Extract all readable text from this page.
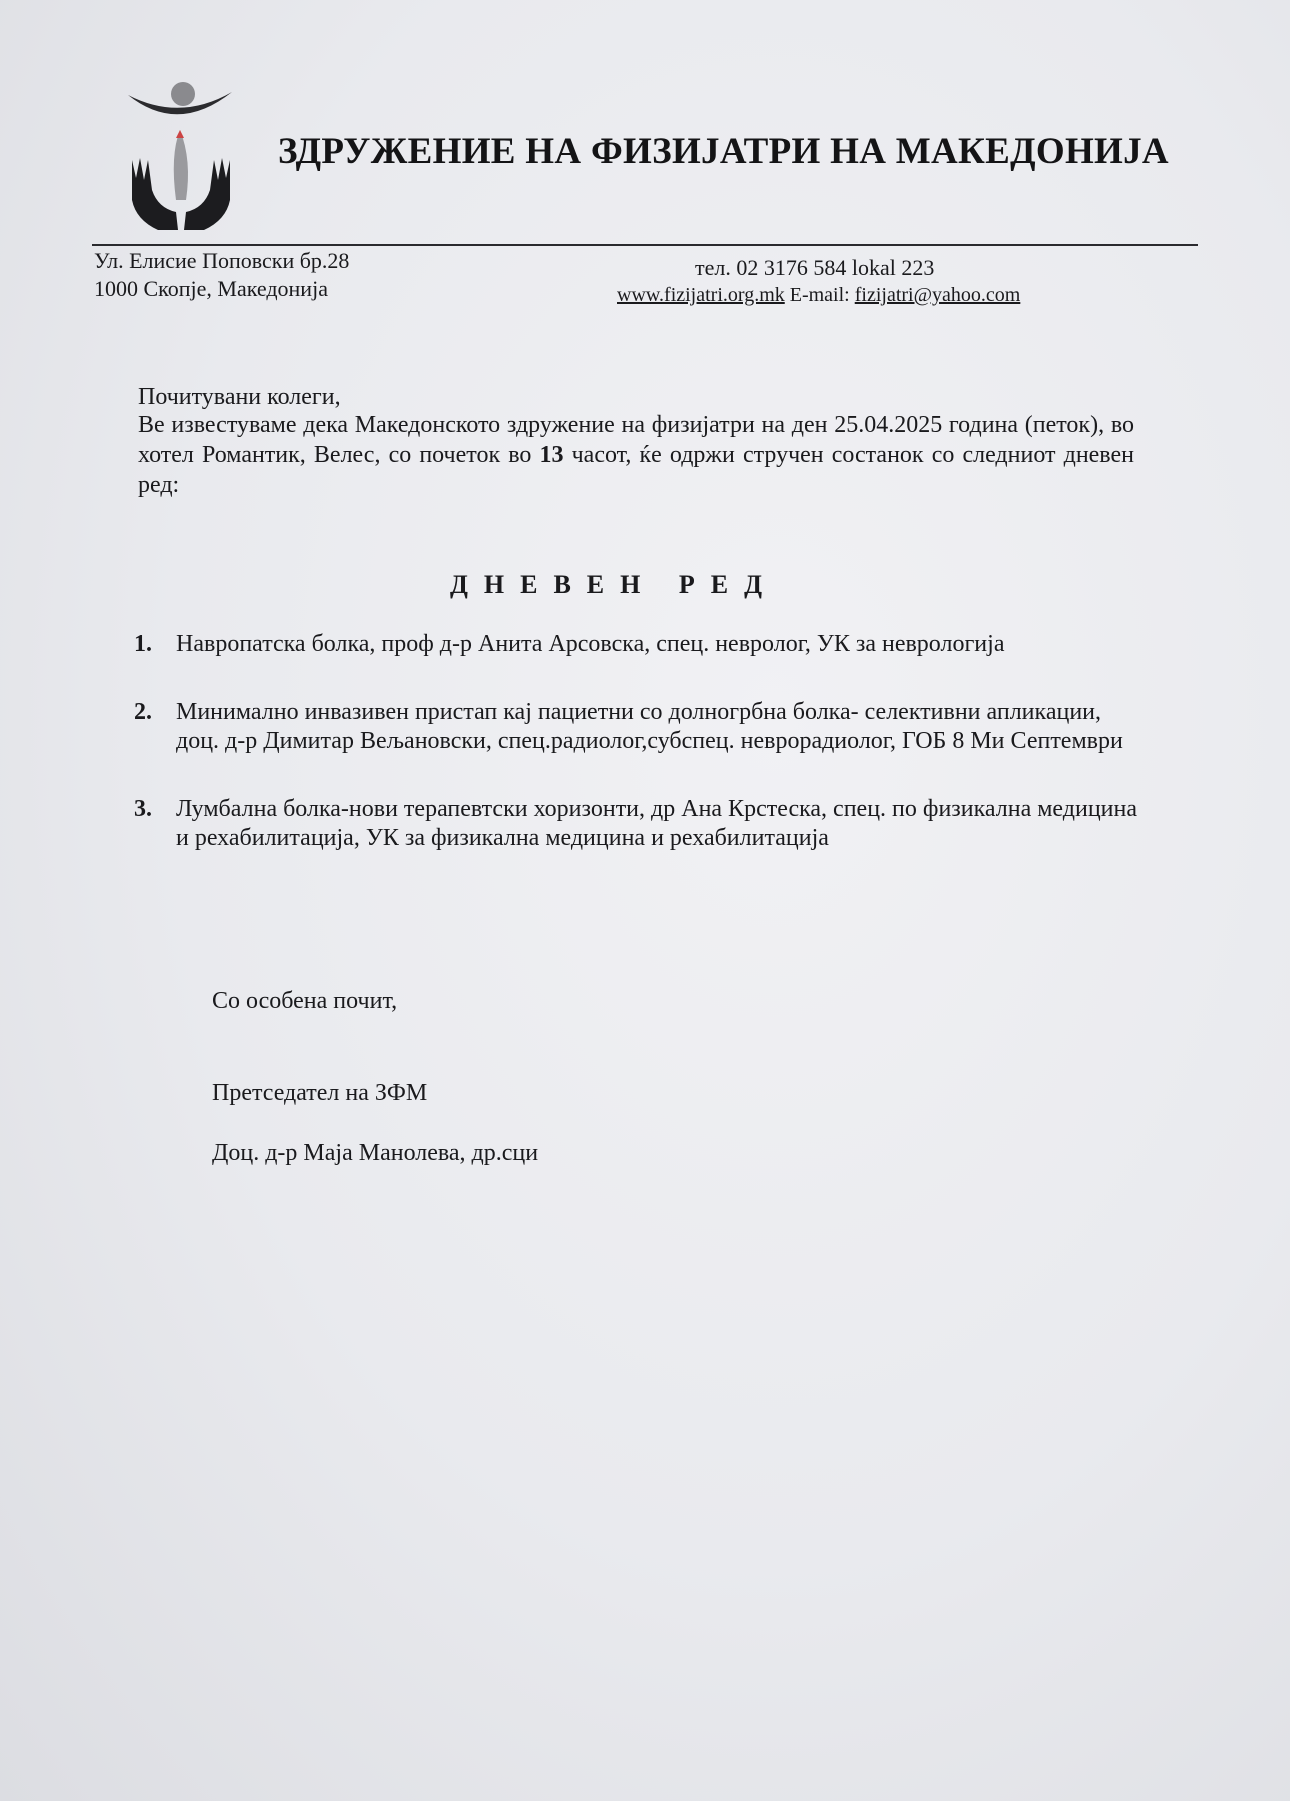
ЗДРУЖЕНИЕ НА ФИЗИЈАТРИ НА МАКЕДОНИЈА
Ул. Елисие Поповски бр.28
1000 Скопје, Македонија
тел. 02 3176 584 lokal 223
www.fizijatri.org.mk E-mail: fizijatri@yahoo.com
Почитувани колеги,
Ве известуваме дека Македонското здружение на физијатри на ден 25.04.2025 година (петок), во хотел Романтик, Велес, со почеток во 13 часот, ќе одржи стручен состанок со следниот дневен ред:
ДНЕВЕН РЕД
1. Навропатска болка, проф д-р Анита Арсовска, спец. невролог, УК за неврологија
2. Минимално инвазивен пристап кај пациетни со долногрбна болка- селективни апликации, доц. д-р Димитар Вељановски, спец.радиолог,субспец. неврорадиолог, ГОБ 8 Ми Септември
3. Лумбална болка-нови терапевтски хоризонти, др Ана Крстеска, спец. по физикална медицина и рехабилитација, УК за физикална медицина и рехабилитација
Со особена почит,
Претседател на ЗФМ
Доц. д-р Маја Манолева, др.сци
